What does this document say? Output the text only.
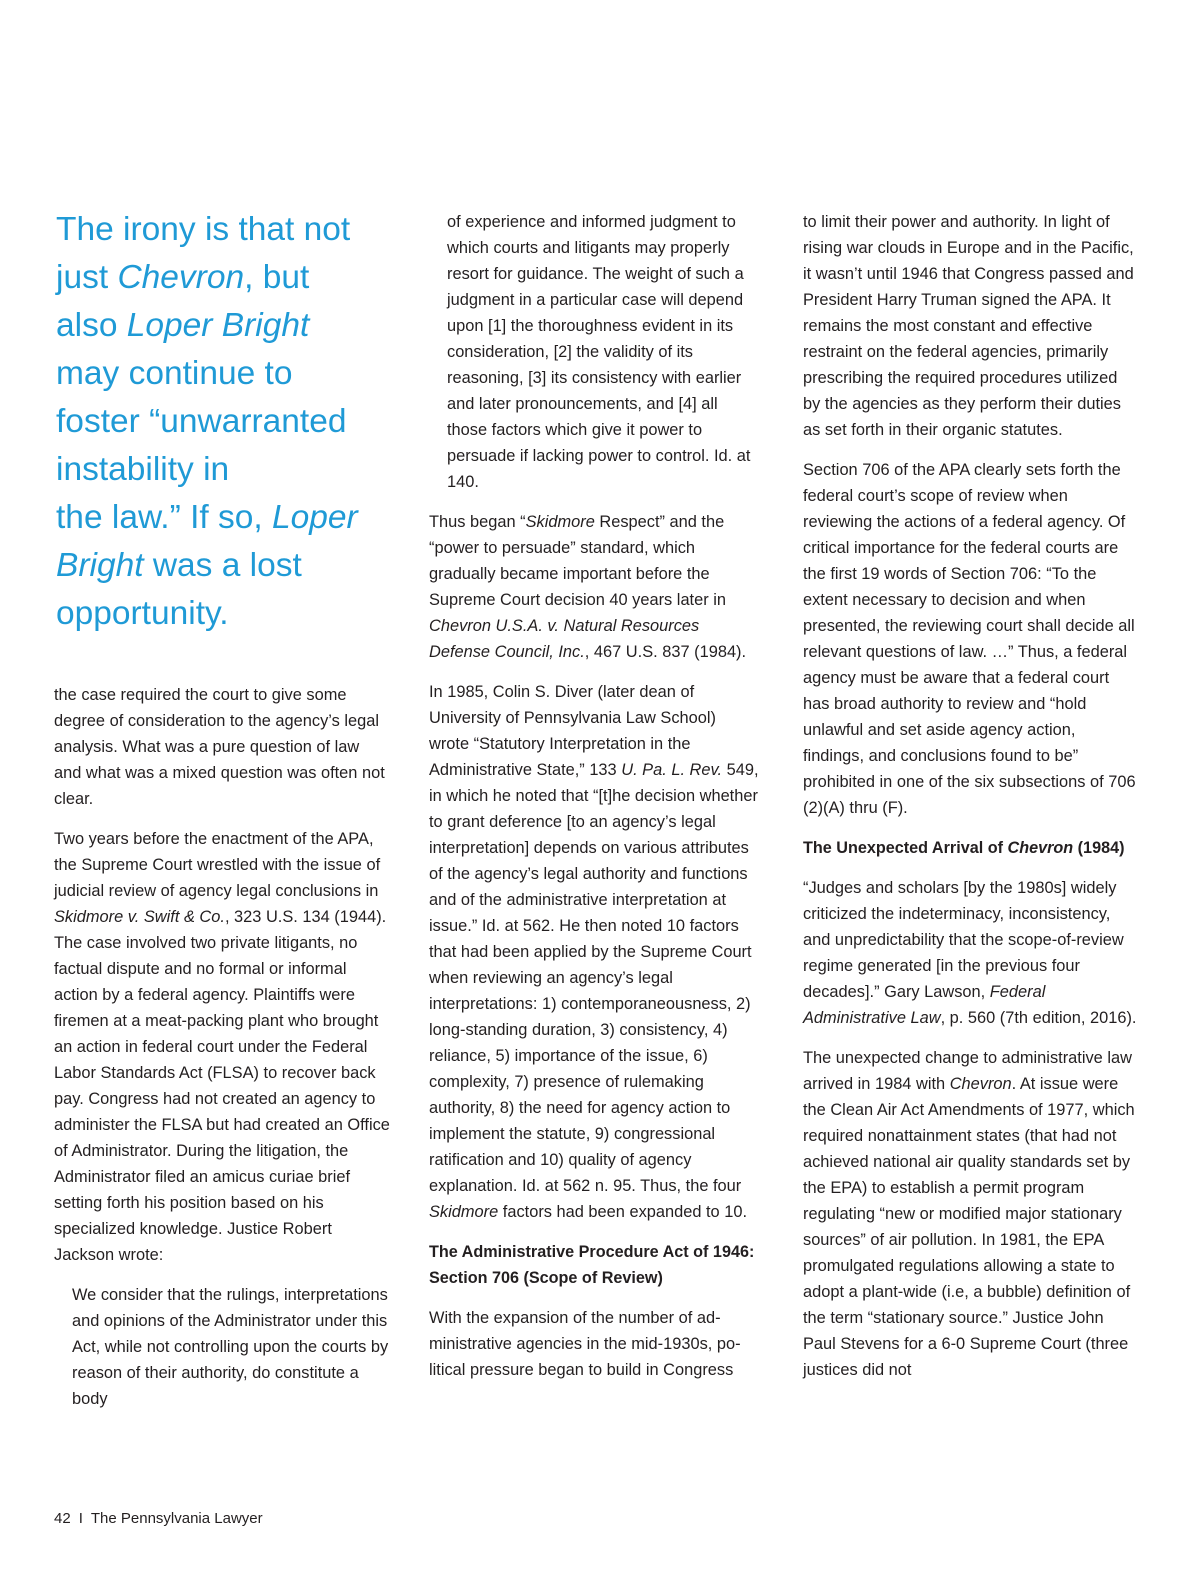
The irony is that not
just Chevron, but
also Loper Bright
may continue to
foster “unwarranted
instability in
the law.” If so, Loper
Bright was a lost
opportunity.

the case required the court to give some degree of consideration to the agency’s legal analysis. What was a pure question of law and what was a mixed question was often not clear.

Two years before the enactment of the APA, the Supreme Court wrestled with the issue of judicial review of agency legal conclusions in Skidmore v. Swift & Co., 323 U.S. 134 (1944). The case involved two private litigants, no factual dispute and no formal or informal action by a federal agency. Plaintiffs were firemen at a meat-packing plant who brought an action in federal court under the Federal Labor Standards Act (FLSA) to recover back pay. Congress had not created an agency to administer the FLSA but had created an Office of Administrator. During the litigation, the Administrator filed an amicus curiae brief setting forth his position based on his specialized knowledge. Justice Robert Jackson wrote:

We consider that the rulings, interpretations and opinions of the Administrator under this Act, while not controlling upon the courts by reason of their authority, do constitute a body

of experience and informed judgment to which courts and litigants may properly resort for guidance. The weight of such a judgment in a particular case will depend upon [1] the thoroughness evident in its consideration, [2] the validity of its reasoning, [3] its consistency with earlier and later pronouncements, and [4] all those factors which give it power to persuade if lacking power to control. Id. at 140.

Thus began “Skidmore Respect” and the “power to persuade” standard, which gradually became important before the Supreme Court decision 40 years later in Chevron U.S.A. v. Natural Resources Defense Council, Inc., 467 U.S. 837 (1984).

In 1985, Colin S. Diver (later dean of University of Pennsylvania Law School) wrote “Statutory Interpretation in the Administrative State,” 133 U. Pa. L. Rev. 549, in which he noted that “[t]he decision whether to grant deference [to an agency’s legal interpretation] depends on various attributes of the agency’s legal authority and functions and of the administrative interpretation at issue.” Id. at 562. He then noted 10 factors that had been applied by the Supreme Court when reviewing an agency’s legal interpretations: 1) contemporaneousness, 2) long-standing duration, 3) consistency, 4) reliance, 5) importance of the issue, 6) complexity, 7) presence of rulemaking authority, 8) the need for agency action to implement the statute, 9) congressional ratification and 10) quality of agency explanation. Id. at 562 n. 95. Thus, the four Skidmore factors had been expanded to 10.

The Administrative Procedure Act of 1946: Section 706 (Scope of Review)

With the expansion of the number of administrative agencies in the mid-1930s, political pressure began to build in Congress

to limit their power and authority. In light of rising war clouds in Europe and in the Pacific, it wasn’t until 1946 that Congress passed and President Harry Truman signed the APA. It remains the most constant and effective restraint on the federal agencies, primarily prescribing the required procedures utilized by the agencies as they perform their duties as set forth in their organic statutes.

Section 706 of the APA clearly sets forth the federal court’s scope of review when reviewing the actions of a federal agency. Of critical importance for the federal courts are the first 19 words of Section 706: “To the extent necessary to decision and when presented, the reviewing court shall decide all relevant questions of law. …” Thus, a federal agency must be aware that a federal court has broad authority to review and “hold unlawful and set aside agency action, findings, and conclusions found to be” prohibited in one of the six subsections of 706 (2)(A) thru (F).

The Unexpected Arrival of Chevron (1984)

“Judges and scholars [by the 1980s] widely criticized the indeterminacy, inconsistency, and unpredictability that the scope-of-review regime generated [in the previous four decades].” Gary Lawson, Federal Administrative Law, p. 560 (7th edition, 2016).

The unexpected change to administrative law arrived in 1984 with Chevron. At issue were the Clean Air Act Amendments of 1977, which required nonattainment states (that had not achieved national air quality standards set by the EPA) to establish a permit program regulating “new or modified major stationary sources” of air pollution. In 1981, the EPA promulgated regulations allowing a state to adopt a plant-wide (i.e, a bubble) definition of the term “stationary source.” Justice John Paul Stevens for a 6-0 Supreme Court (three justices did not

42 I The Pennsylvania Lawyer
